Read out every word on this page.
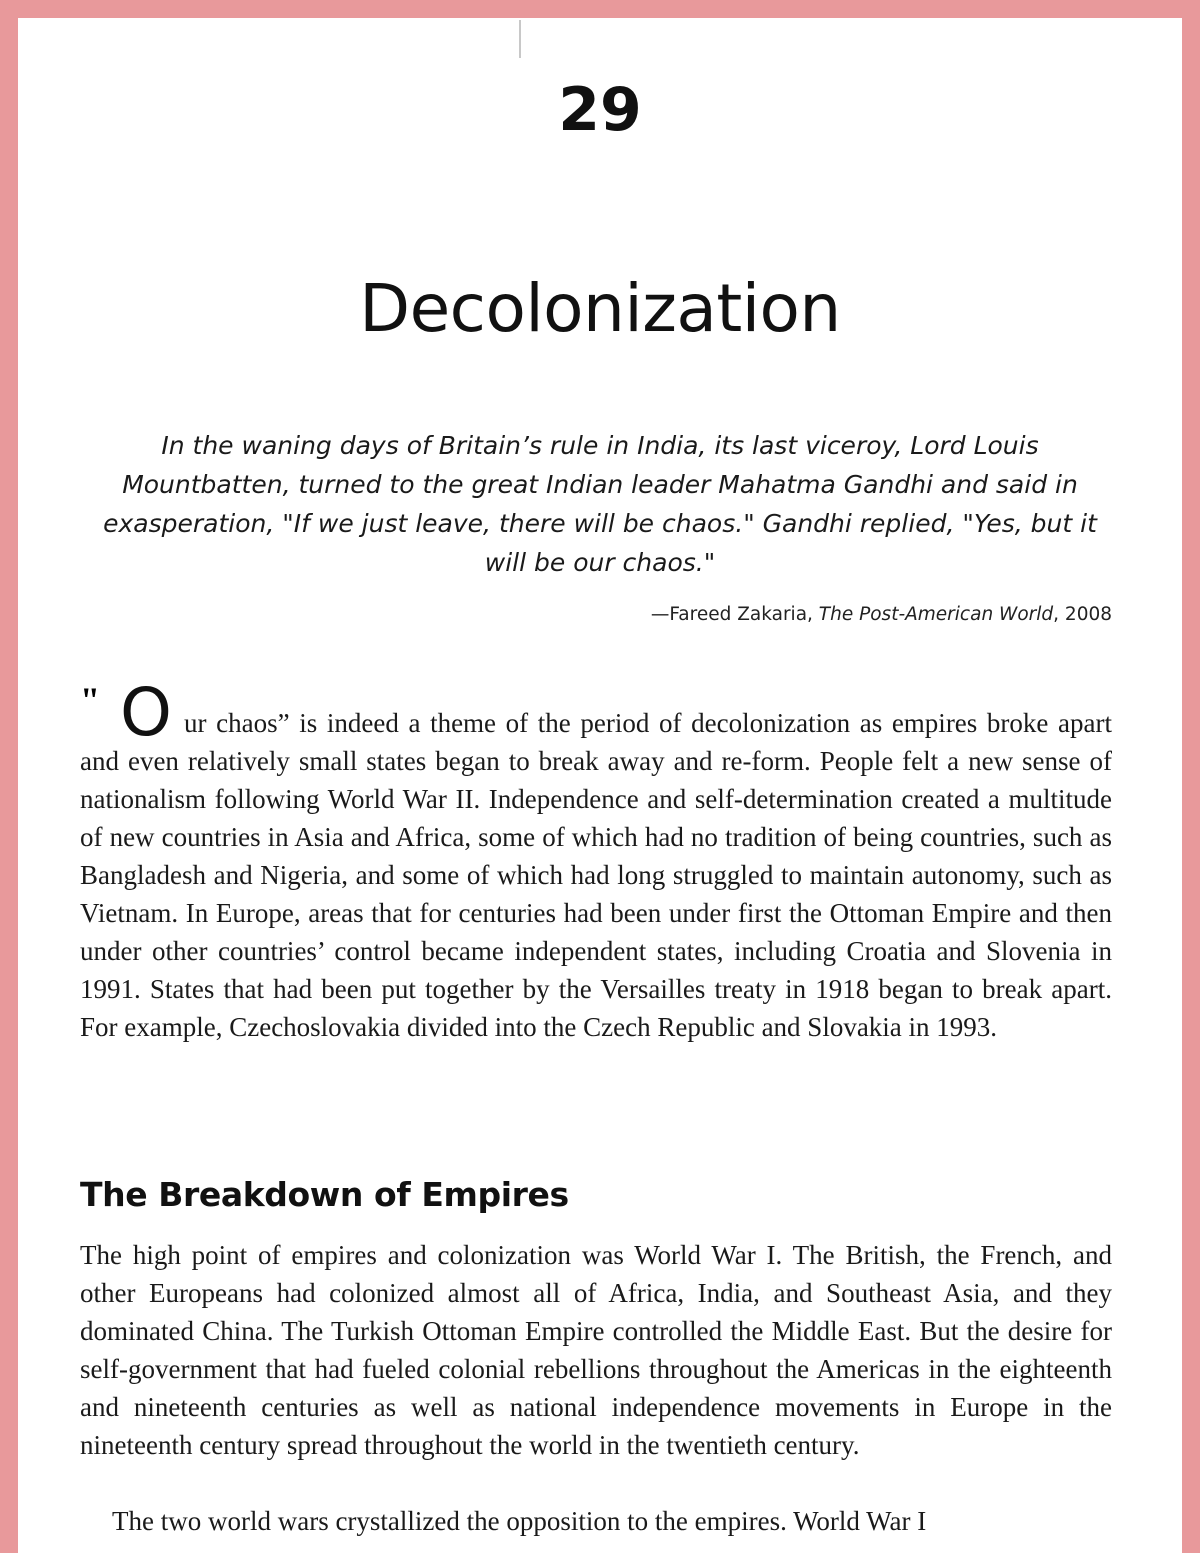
29
Decolonization

In the waning days of Britain’s rule in India, its last viceroy, Lord Louis Mountbatten, turned to the great Indian leader Mahatma Gandhi and said in exasperation, "If we just leave, there will be chaos." Gandhi replied, "Yes, but it will be our chaos."

—Fareed Zakaria, The Post-American World, 2008

" O ur chaos” is indeed a theme of the period of decolonization as empires broke apart and even relatively small states began to break away and re-form. People felt a new sense of nationalism following World War II. Independence and self-determination created a multitude of new countries in Asia and Africa, some of which had no tradition of being countries, such as Bangladesh and Nigeria, and some of which had long struggled to maintain autonomy, such as Vietnam. In Europe, areas that for centuries had been under first the Ottoman Empire and then under other countries’ control became independent states, including Croatia and Slovenia in 1991. States that had been put together by the Versailles treaty in 1918 began to break apart. For example, Czechoslovakia divided into the Czech Republic and Slovakia in 1993.

The Breakdown of Empires

The high point of empires and colonization was World War I. The British, the French, and other Europeans had colonized almost all of Africa, India, and Southeast Asia, and they dominated China. The Turkish Ottoman Empire controlled the Middle East. But the desire for self-government that had fueled colonial rebellions throughout the Americas in the eighteenth and nineteenth centuries as well as national independence movements in Europe in the nineteenth century spread throughout the world in the twentieth century.

The two world wars crystallized the opposition to the empires. World War I
